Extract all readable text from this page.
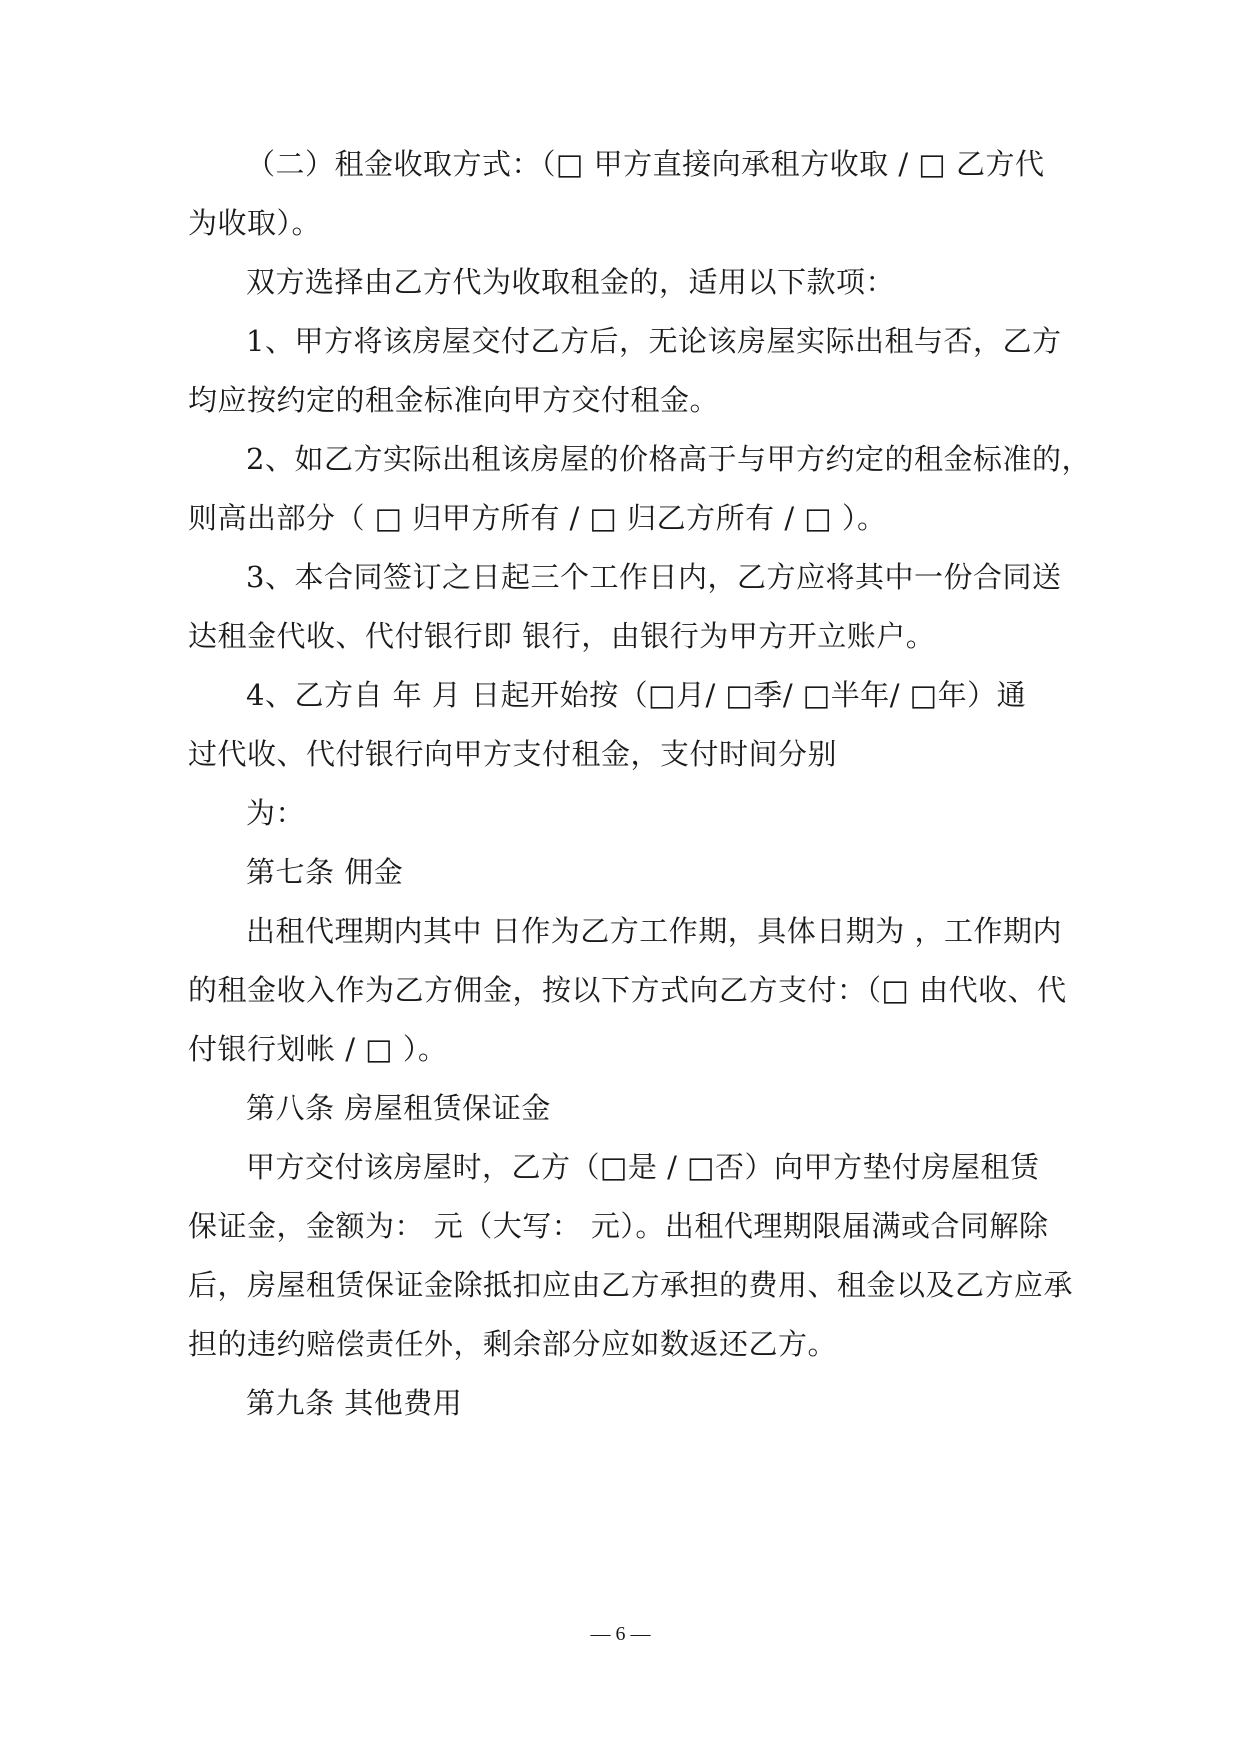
（二）租金收取方式：（□ 甲方直接向承租方收取 / □ 乙方代
为收取）。
双方选择由乙方代为收取租金的，适用以下款项：
1、甲方将该房屋交付乙方后，无论该房屋实际出租与否，乙方
均应按约定的租金标准向甲方交付租金。
2、如乙方实际出租该房屋的价格高于与甲方约定的租金标准的，
则高出部分（ □ 归甲方所有 / □ 归乙方所有 / □ ）。
3、本合同签订之日起三个工作日内，乙方应将其中一份合同送
达租金代收、代付银行即 银行，由银行为甲方开立账户。
4、乙方自 年 月 日起开始按（□月/ □季/ □半年/ □年）通
过代收、代付银行向甲方支付租金，支付时间分别
为：
第七条 佣金
出租代理期内其中 日作为乙方工作期，具体日期为 ，工作期内
的租金收入作为乙方佣金，按以下方式向乙方支付：（□ 由代收、代
付银行划帐 / □ ）。
第八条 房屋租赁保证金
甲方交付该房屋时，乙方（□是 / □否）向甲方垫付房屋租赁
保证金，金额为： 元（大写： 元）。出租代理期限届满或合同解除
后，房屋租赁保证金除抵扣应由乙方承担的费用、租金以及乙方应承
担的违约赔偿责任外，剩余部分应如数返还乙方。
第九条 其他费用
— 6 —
